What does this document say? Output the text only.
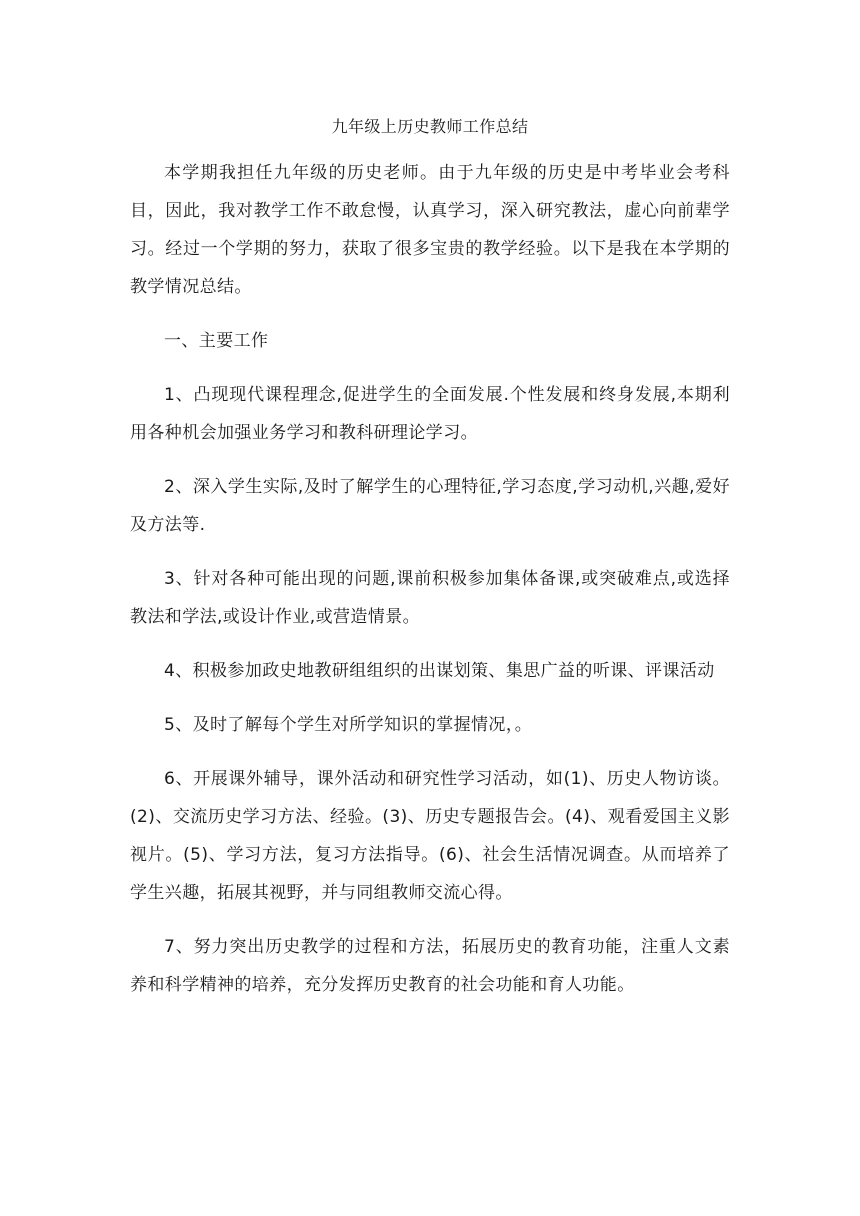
九年级上历史教师工作总结

本学期我担任九年级的历史老师。由于九年级的历史是中考毕业会考科目，因此，我对教学工作不敢怠慢，认真学习，深入研究教法，虚心向前辈学习。经过一个学期的努力，获取了很多宝贵的教学经验。以下是我在本学期的教学情况总结。

一、主要工作

1、凸现现代课程理念,促进学生的全面发展.个性发展和终身发展,本期利用各种机会加强业务学习和教科研理论学习。

2、深入学生实际,及时了解学生的心理特征,学习态度,学习动机,兴趣,爱好及方法等.

3、针对各种可能出现的问题,课前积极参加集体备课,或突破难点,或选择教法和学法,或设计作业,或营造情景。

4、积极参加政史地教研组组织的出谋划策、集思广益的听课、评课活动

5、及时了解每个学生对所学知识的掌握情况，。

6、开展课外辅导，课外活动和研究性学习活动，如(1)、历史人物访谈。(2)、交流历史学习方法、经验。(3)、历史专题报告会。(4)、观看爱国主义影视片。(5)、学习方法，复习方法指导。(6)、社会生活情况调查。从而培养了学生兴趣，拓展其视野，并与同组教师交流心得。

7、努力突出历史教学的过程和方法，拓展历史的教育功能，注重人文素养和科学精神的培养，充分发挥历史教育的社会功能和育人功能。
